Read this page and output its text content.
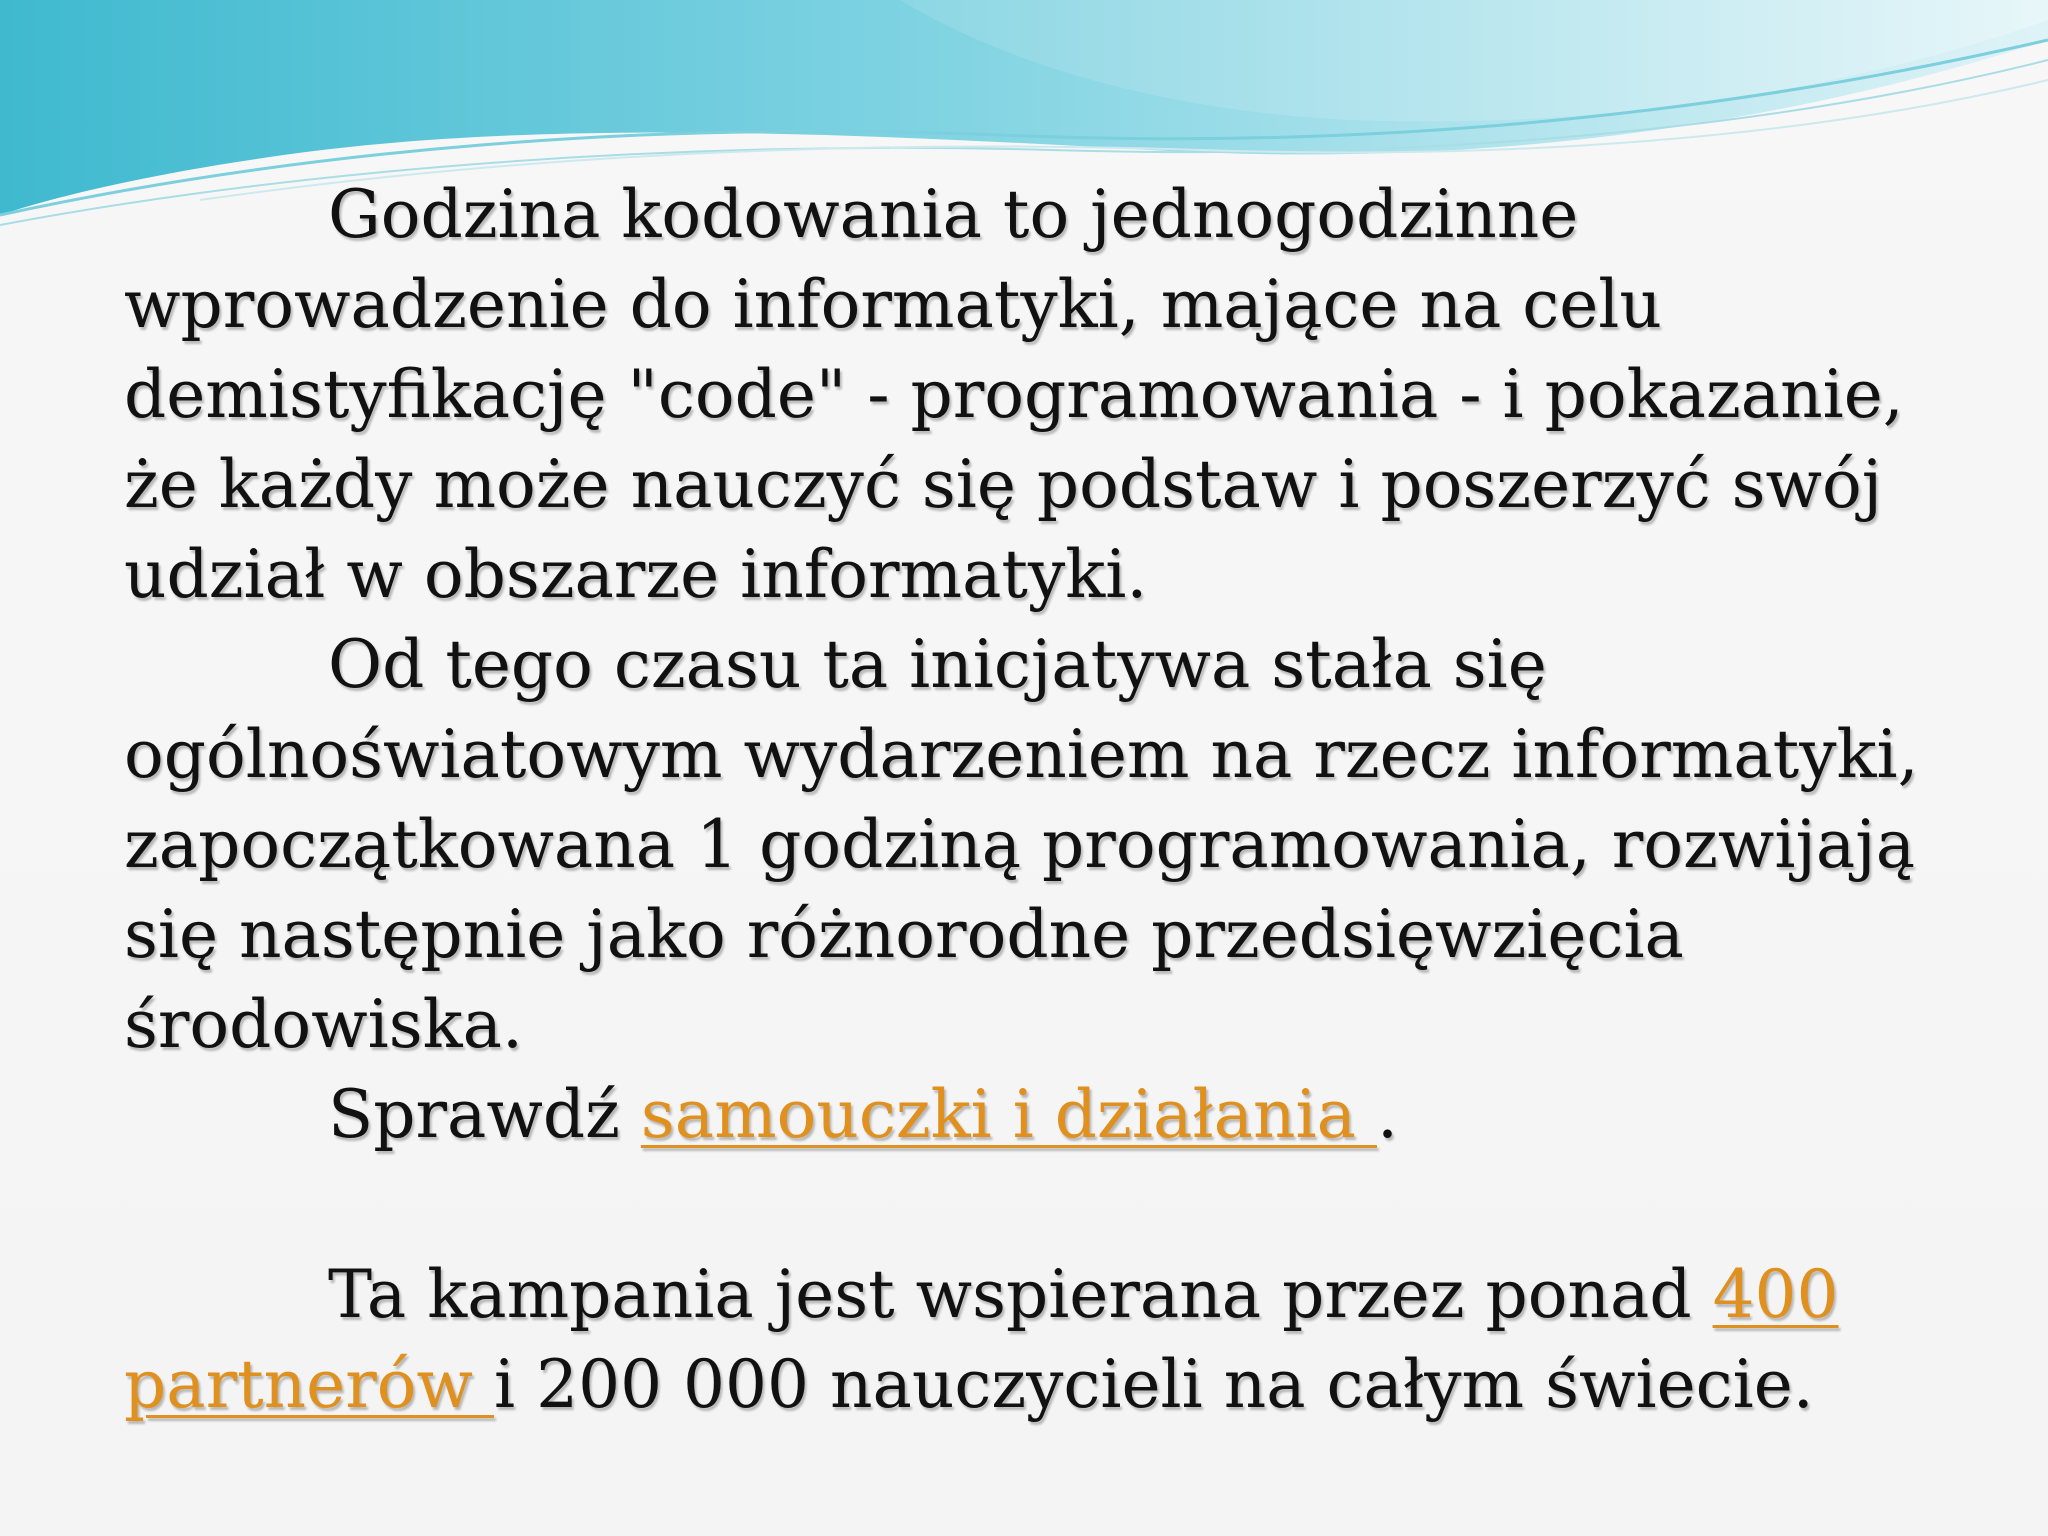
Godzina kodowania to jednogodzinne wprowadzenie do informatyki, mające na celu demistyfikację "code" - programowania - i pokazanie, że każdy może nauczyć się podstaw i poszerzyć swój udział w obszarze informatyki.

Od tego czasu ta inicjatywa stała się ogólnoświatowym wydarzeniem na rzecz informatyki, zapoczątkowana 1 godziną programowania, rozwijają się następnie jako różnorodne przedsięwzięcia środowiska.

Sprawdź samouczki i działania .

Ta kampania jest wspierana przez ponad 400 partnerów i 200 000 nauczycieli na całym świecie.
